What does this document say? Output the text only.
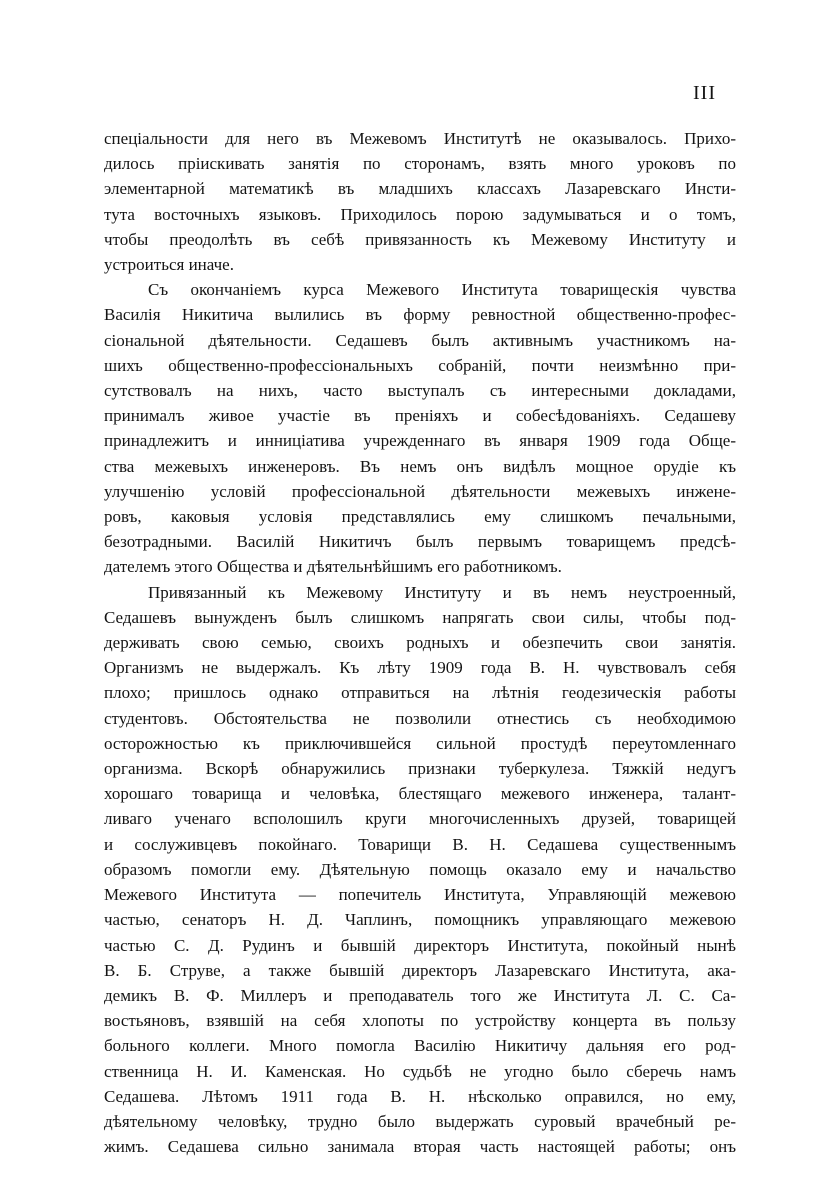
III
спеціальности для него въ Межевомъ Институтѣ не оказывалось. Прихо-
дилось пріискивать занятія по сторонамъ, взять много уроковъ по
элементарной математикѣ въ младшихъ классахъ Лазаревскаго Инсти-
тута восточныхъ языковъ. Приходилось порою задумываться и о томъ,
чтобы преодолѣть въ себѣ привязанность къ Межевому Институту и
устроиться иначе.
Съ окончаніемъ курса Межевого Института товарищескія чувства
Василія Никитича вылились въ форму ревностной общественно-профес-
сіональной дѣятельности. Седашевъ былъ активнымъ участникомъ на-
шихъ общественно-профессіональныхъ собраній, почти неизмѣнно при-
сутствовалъ на нихъ, часто выступалъ съ интересными докладами,
принималъ живое участіе въ преніяхъ и собесѣдованіяхъ. Седашеву
принадлежитъ и инниціатива учрежденнаго въ января 1909 года Обще-
ства межевыхъ инженеровъ. Въ немъ онъ видѣлъ мощное орудіе къ
улучшенію условій профессіональной дѣятельности межевыхъ инжене-
ровъ, каковыя условія представлялись ему слишкомъ печальными,
безотрадными. Василій Никитичъ былъ первымъ товарищемъ предсѣ-
дателемъ этого Общества и дѣятельнѣйшимъ его работникомъ.
Привязанный къ Межевому Институту и въ немъ неустроенный,
Седашевъ вынужденъ былъ слишкомъ напрягать свои силы, чтобы под-
держивать свою семью, своихъ родныхъ и обезпечить свои занятія.
Организмъ не выдержалъ. Къ лѣту 1909 года В. Н. чувствовалъ себя
плохо; пришлось однако отправиться на лѣтнія геодезическія работы
студентовъ. Обстоятельства не позволили отнестись съ необходимою
осторожностью къ приключившейся сильной простудѣ переутомленнаго
организма. Вскорѣ обнаружились признаки туберкулеза. Тяжкій недугъ
хорошаго товарища и человѣка, блестящаго межевого инженера, талант-
ливаго ученаго всполошилъ круги многочисленныхъ друзей, товарищей
и сослуживцевъ покойнаго. Товарищи В. Н. Седашева существеннымъ
образомъ помогли ему. Дѣятельную помощь оказало ему и начальство
Межевого Института — попечитель Института, Управляющій межевою
частью, сенаторъ Н. Д. Чаплинъ, помощникъ управляющаго межевою
частью С. Д. Рудинъ и бывшій директоръ Института, покойный нынѣ
В. Б. Струве, а также бывшій директоръ Лазаревскаго Института, ака-
демикъ В. Ф. Миллеръ и преподаватель того же Института Л. С. Са-
востьяновъ, взявшій на себя хлопоты по устройству концерта въ пользу
больного коллеги. Много помогла Василію Никитичу дальняя его род-
ственница Н. И. Каменская. Но судьбѣ не угодно было сберечь намъ
Седашева. Лѣтомъ 1911 года В. Н. нѣсколько оправился, но ему,
дѣятельному человѣку, трудно было выдержать суровый врачебный ре-
жимъ. Седашева сильно занимала вторая часть настоящей работы; онъ
